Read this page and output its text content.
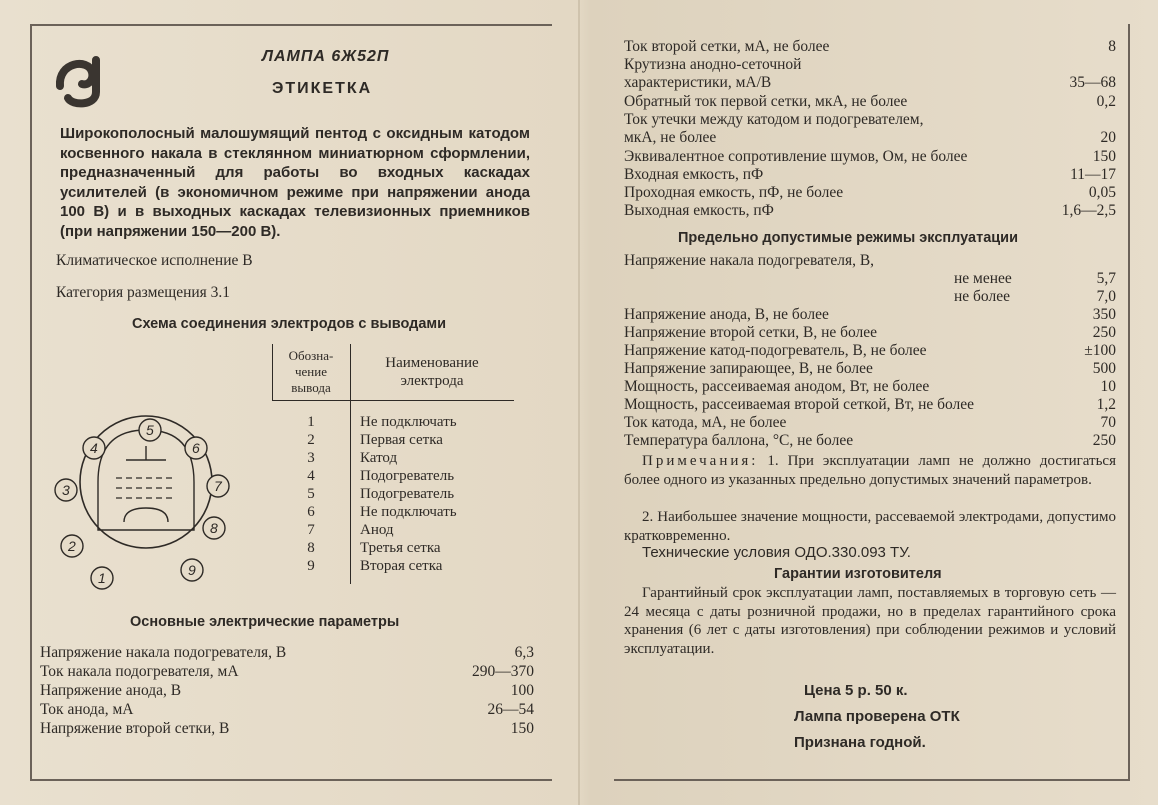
ЛАМПА 6Ж52П
ЭТИКЕТКА
Широкополосный малошумящий пентод с оксидным катодом косвенного накала в стеклянном миниатюрном сформлении, предназначенный для работы во входных каскадах усилителей (в экономичном режиме при напряжении анода 100 В) и в выходных каскадах телевизионных приемников (при напряжении 150—200 В).
Климатическое исполнение В
Категория размещения 3.1
Схема соединения электродов с выводами
1
2
3
4
5
6
7
8
9
Обозна-
чение
вывода
Наименование
электрода
1	Не подключать
2	Первая сетка
3	Катод
4	Подогреватель
5	Подогреватель
6	Не подключать
7	Анод
8	Третья сетка
9	Вторая сетка
Основные электрические параметры
Напряжение накала подогревателя, В	6,3
Ток накала подогревателя, мА	290—370
Напряжение анода, В	100
Ток анода, мА	26—54
Напряжение второй сетки, В	150
Ток второй сетки, мА, не более	8
Крутизна анодно-сеточной
характеристики, мА/В	35—68
Обратный ток первой сетки, мкА, не более	0,2
Ток утечки между катодом и подогревателем,
мкА, не более	20
Эквивалентное сопротивление шумов, Ом, не более	150
Входная емкость, пФ	11—17
Проходная емкость, пФ, не более	0,05
Выходная емкость, пФ	1,6—2,5
Предельно допустимые режимы эксплуатации
Напряжение накала подогревателя, В,
не менее	5,7
не более	7,0
Напряжение анода, В, не более	350
Напряжение второй сетки, В, не более	250
Напряжение катод-подогреватель, В, не более	±100
Напряжение запирающее, В, не более	500
Мощность, рассеиваемая анодом, Вт, не более	10
Мощность, рассеиваемая второй сеткой, Вт, не более	1,2
Ток катода, мА, не более	70
Температура баллона, °С, не более	250
Примечания: 1. При эксплуатации ламп не должно достигаться более одного из указанных предельно допустимых значений параметров.
2. Наибольшее значение мощности, рассеваемой электродами, допустимо кратковременно.
Технические условия ОДО.330.093 ТУ.
Гарантии изготовителя
Гарантийный срок эксплуатации ламп, поставляемых в торговую сеть — 24 месяца с даты розничной продажи, но в пределах гарантийного срока хранения (6 лет с даты изготовления) при соблюдении режимов и условий эксплуатации.
Цена 5 р. 50 к.
Лампа проверена ОТК
Признана годной.
